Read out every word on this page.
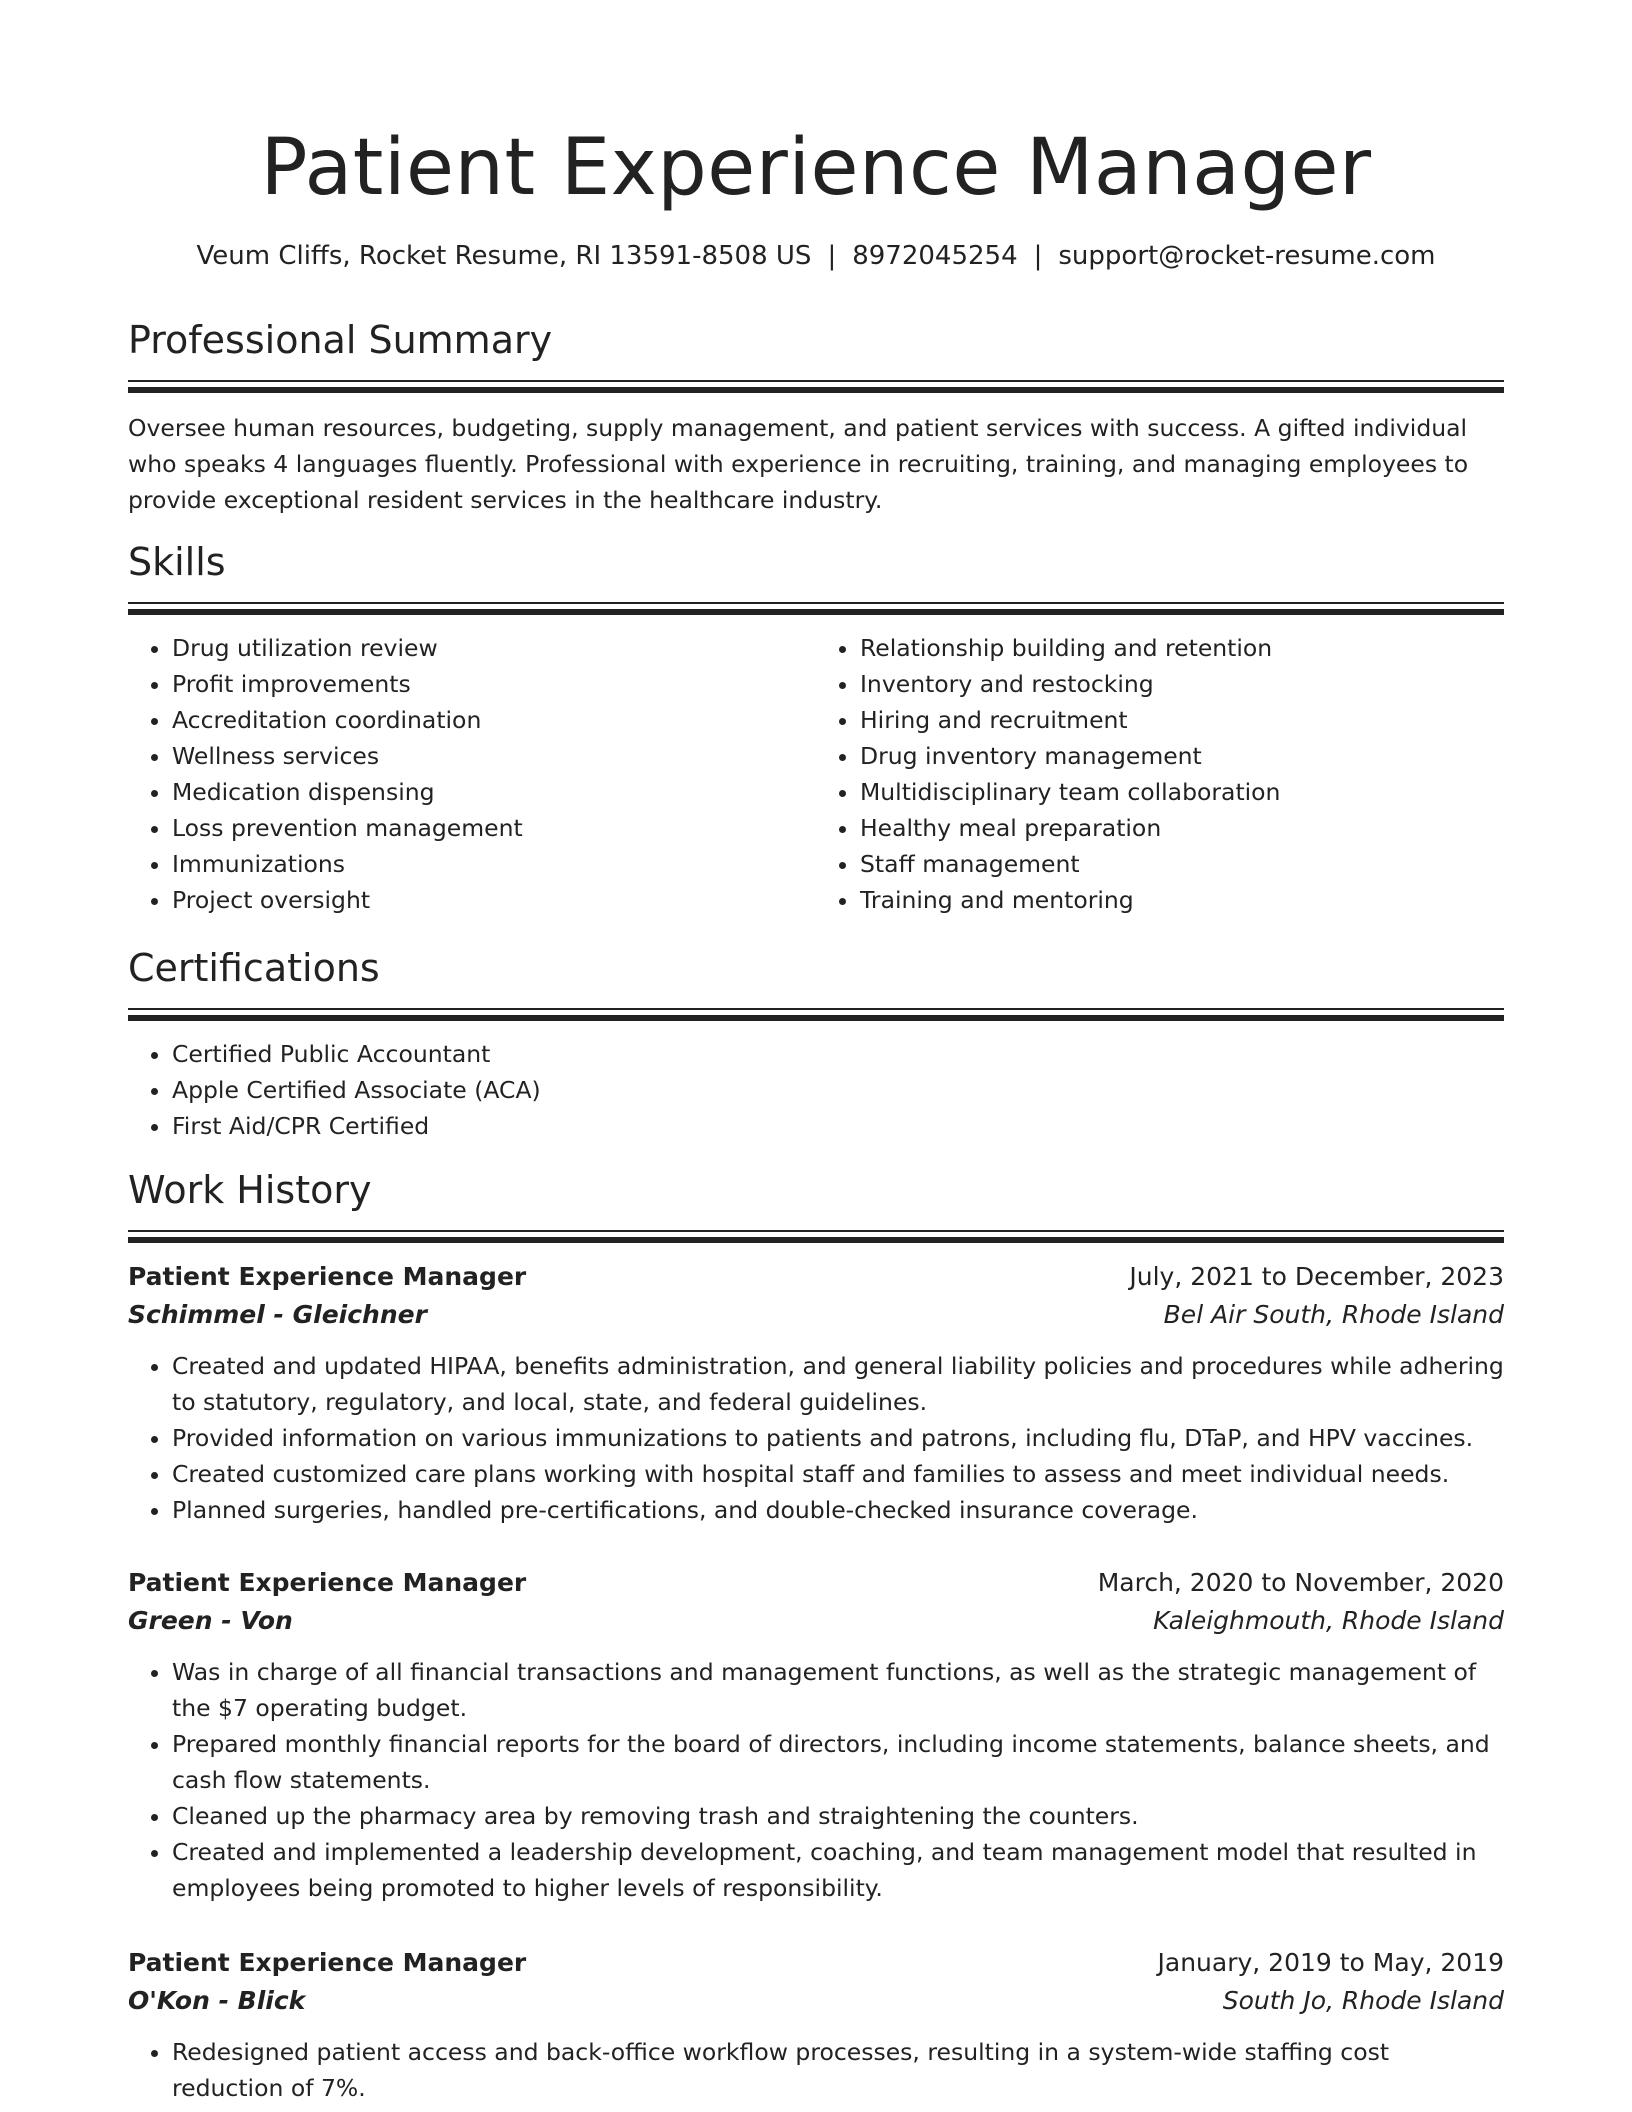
Patient Experience Manager
Veum Cliffs, Rocket Resume, RI 13591-8508 US | 8972045254 | support@rocket-resume.com
Professional Summary

Oversee human resources, budgeting, supply management, and patient services with success. A gifted individual who speaks 4 languages fluently. Professional with experience in recruiting, training, and managing employees to provide exceptional resident services in the healthcare industry.

Skills
• Drug utilization review
• Profit improvements
• Accreditation coordination
• Wellness services
• Medication dispensing
• Loss prevention management
• Immunizations
• Project oversight
• Relationship building and retention
• Inventory and restocking
• Hiring and recruitment
• Drug inventory management
• Multidisciplinary team collaboration
• Healthy meal preparation
• Staff management
• Training and mentoring
Certifications
• Certified Public Accountant
• Apple Certified Associate (ACA)
• First Aid/CPR Certified
Work History
Patient Experience Manager	July, 2021 to December, 2023
Schimmel - Gleichner	Bel Air South, Rhode Island
• Created and updated HIPAA, benefits administration, and general liability policies and procedures while adhering to statutory, regulatory, and local, state, and federal guidelines.
• Provided information on various immunizations to patients and patrons, including flu, DTaP, and HPV vaccines.
• Created customized care plans working with hospital staff and families to assess and meet individual needs.
• Planned surgeries, handled pre-certifications, and double-checked insurance coverage.
Patient Experience Manager	March, 2020 to November, 2020
Green - Von	Kaleighmouth, Rhode Island
• Was in charge of all financial transactions and management functions, as well as the strategic management of the $7 operating budget.
• Prepared monthly financial reports for the board of directors, including income statements, balance sheets, and cash flow statements.
• Cleaned up the pharmacy area by removing trash and straightening the counters.
• Created and implemented a leadership development, coaching, and team management model that resulted in employees being promoted to higher levels of responsibility.
Patient Experience Manager	January, 2019 to May, 2019
O'Kon - Blick	South Jo, Rhode Island
• Redesigned patient access and back-office workflow processes, resulting in a system-wide staffing cost reduction of 7%.
